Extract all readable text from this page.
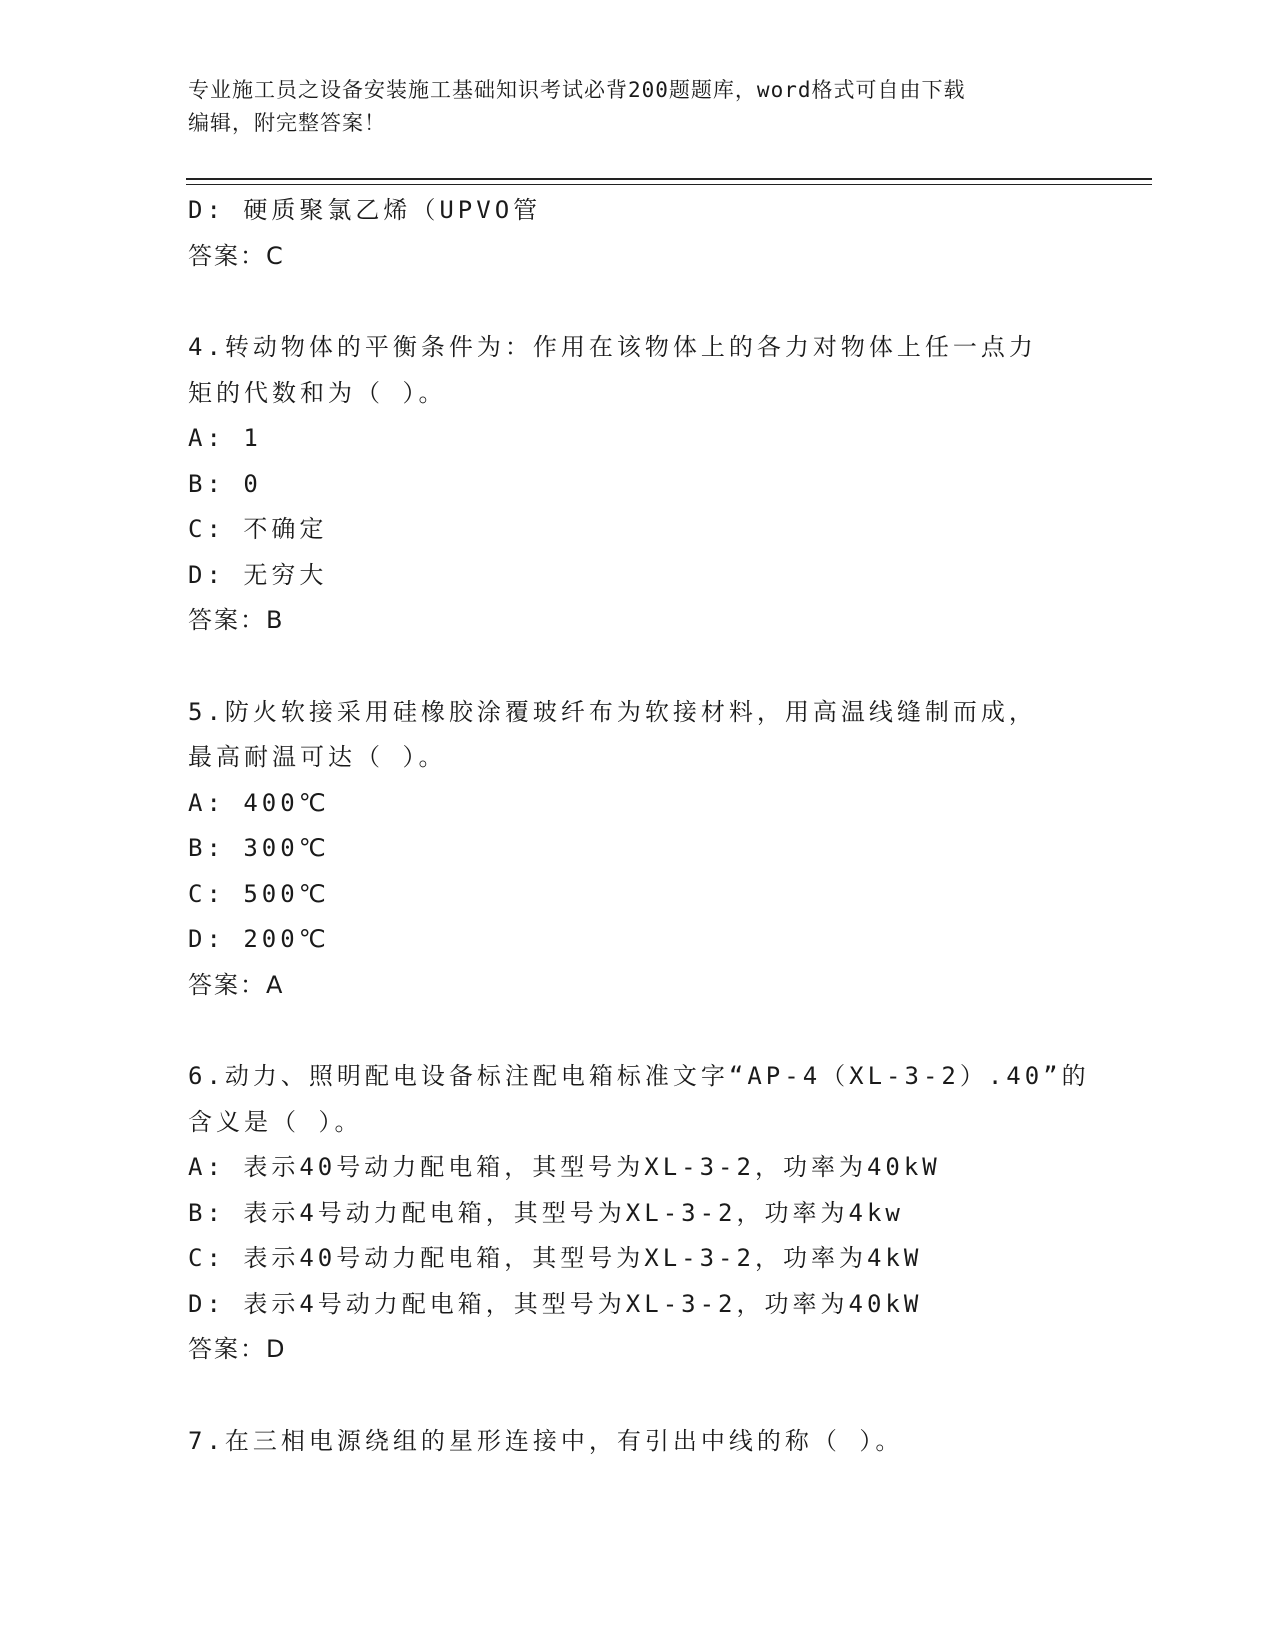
专业施工员之设备安装施工基础知识考试必背200题题库，word格式可自由下载
编辑，附完整答案！
D: 硬质聚氯乙烯（UPVO管
答案：C
4.转动物体的平衡条件为：作用在该物体上的各力对物体上任一点力
矩的代数和为（ ）。
A: 1
B: 0
C: 不确定
D: 无穷大
答案：B
5.防火软接采用硅橡胶涂覆玻纤布为软接材料，用高温线缝制而成，
最高耐温可达（ ）。
A: 400℃
B: 300℃
C: 500℃
D: 200℃
答案：A
6.动力、照明配电设备标注配电箱标准文字“AP-4（XL-3-2）.40”的
含义是（ ）。
A: 表示40号动力配电箱，其型号为XL-3-2，功率为40kW
B: 表示4号动力配电箱，其型号为XL-3-2，功率为4kw
C: 表示40号动力配电箱，其型号为XL-3-2，功率为4kW
D: 表示4号动力配电箱，其型号为XL-3-2，功率为40kW
答案：D
7.在三相电源绕组的星形连接中，有引出中线的称（ ）。
